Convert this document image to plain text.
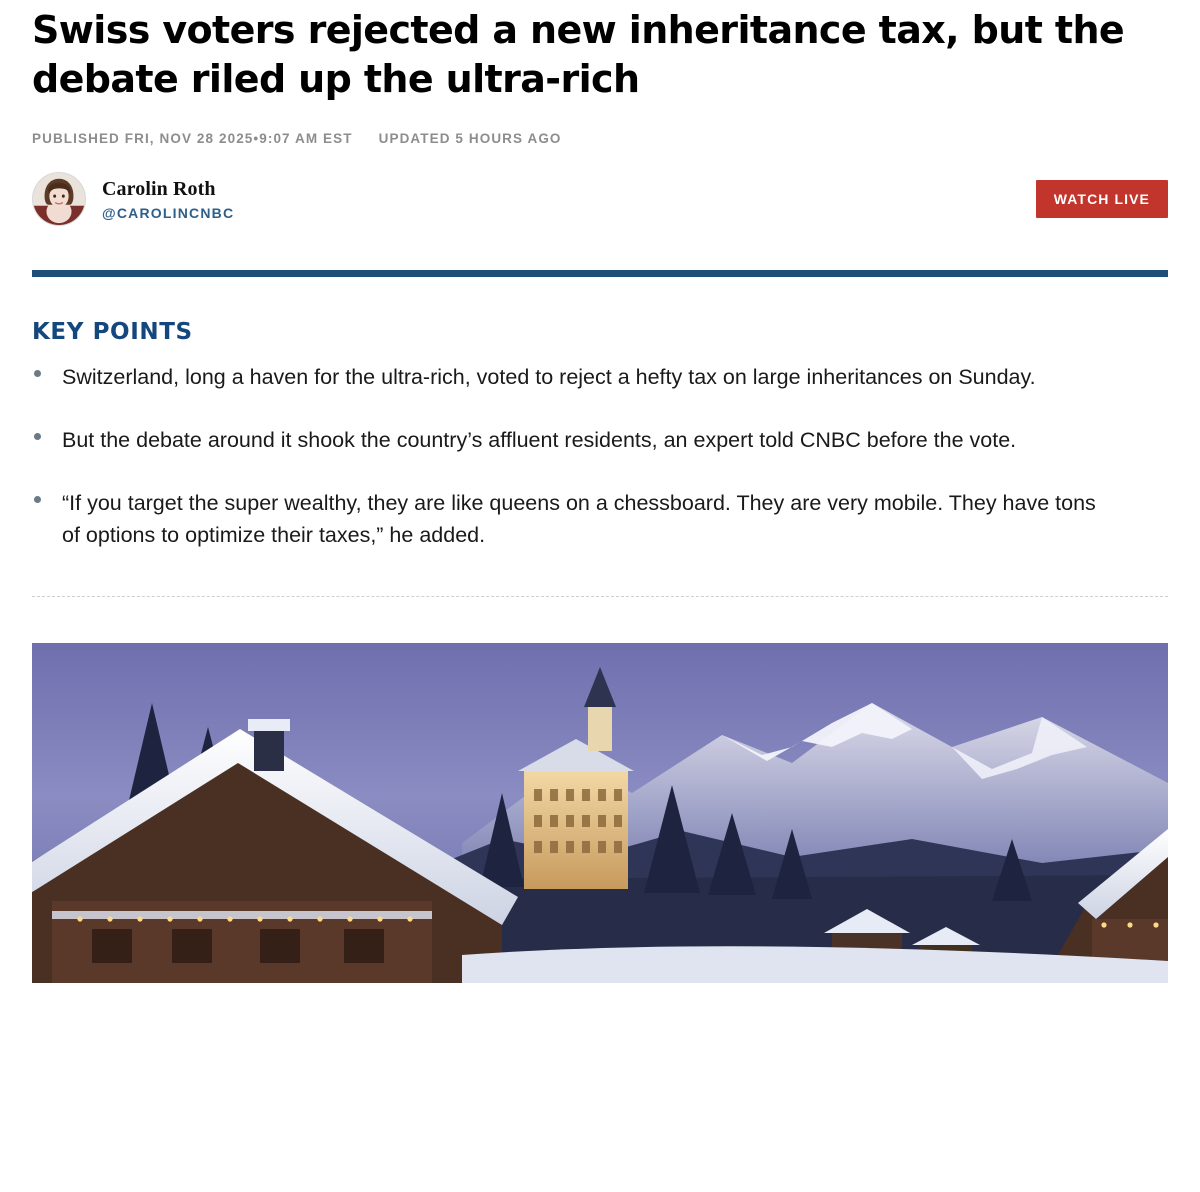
Swiss voters rejected a new inheritance tax, but the debate riled up the ultra-rich
PUBLISHED FRI, NOV 28 2025•9:07 AM EST UPDATED 5 HOURS AGO
Carolin Roth
@CAROLINCNBC
WATCH LIVE
KEY POINTS
Switzerland, long a haven for the ultra-rich, voted to reject a hefty tax on large inheritances on Sunday.
But the debate around it shook the country’s affluent residents, an expert told CNBC before the vote.
“If you target the super wealthy, they are like queens on a chessboard. They are very mobile. They have tons of options to optimize their taxes,” he added.
